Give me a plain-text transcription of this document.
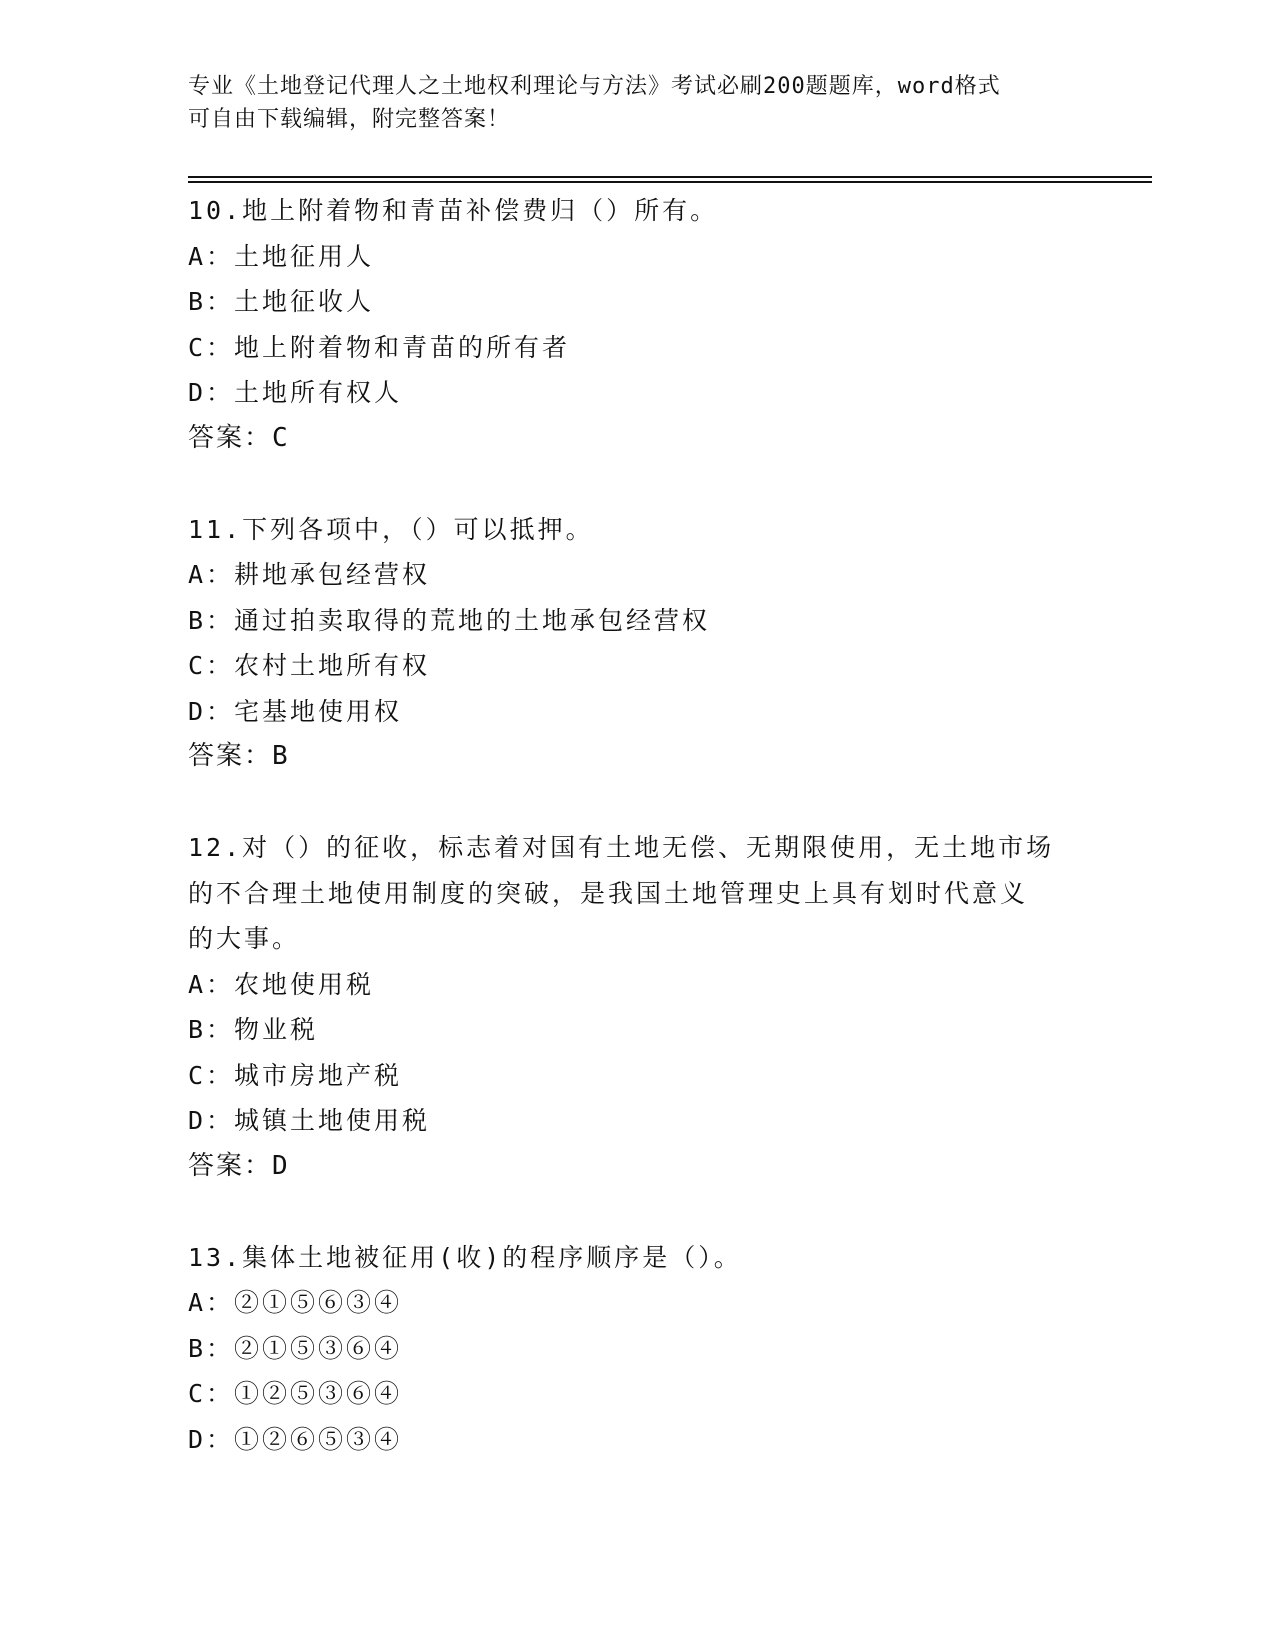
专业《土地登记代理人之土地权利理论与方法》考试必刷200题题库，word格式
可自由下载编辑，附完整答案！
10.地上附着物和青苗补偿费归（）所有。
A：土地征用人
B：土地征收人
C：地上附着物和青苗的所有者
D：土地所有权人
答案：C
11.下列各项中，（）可以抵押。
A：耕地承包经营权
B：通过拍卖取得的荒地的土地承包经营权
C：农村土地所有权
D：宅基地使用权
答案：B
12.对（）的征收，标志着对国有土地无偿、无期限使用，无土地市场
的不合理土地使用制度的突破，是我国土地管理史上具有划时代意义
的大事。
A：农地使用税
B：物业税
C：城市房地产税
D：城镇土地使用税
答案：D
13.集体土地被征用(收)的程序顺序是（）。
A：②①⑤⑥③④
B：②①⑤③⑥④
C：①②⑤③⑥④
D：①②⑥⑤③④
